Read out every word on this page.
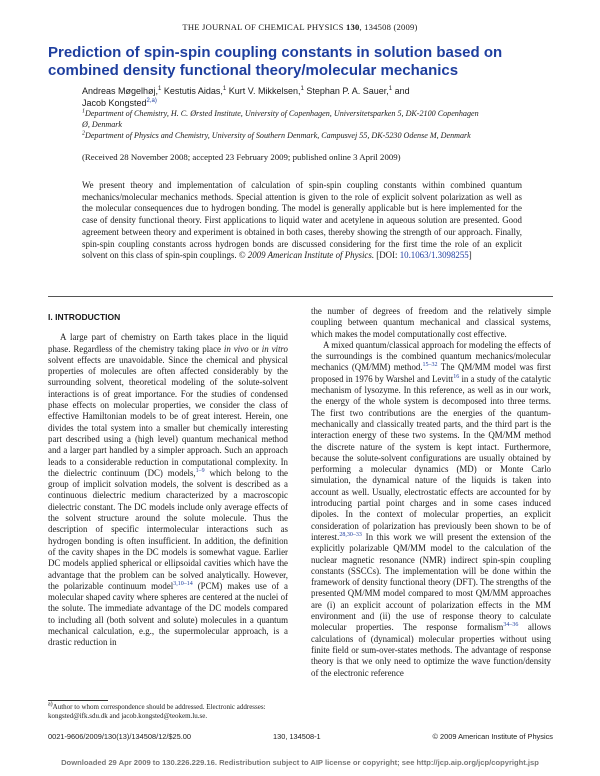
THE JOURNAL OF CHEMICAL PHYSICS 130, 134508 (2009)
Prediction of spin-spin coupling constants in solution based on combined density functional theory/molecular mechanics
Andreas Møgelhøj,$^1$ Kestutis Aidas,$^1$ Kurt V. Mikkelsen,$^1$ Stephan P. A. Sauer,$^1$ and
Jacob Kongsted$^{2,a)}$

$^1$Department of Chemistry, H. C. Ørsted Institute, University of Copenhagen, Universitetsparken 5, DK-2100 Copenhagen Ø, Denmark

$^2$Department of Physics and Chemistry, University of Southern Denmark, Campusvej 55, DK-5230 Odense M, Denmark

(Received 28 November 2008; accepted 23 February 2009; published online 3 April 2009)
We present theory and implementation of calculation of spin-spin coupling constants within combined quantum mechanics/molecular mechanics methods. Special attention is given to the role of explicit solvent polarization as well as the molecular consequences due to hydrogen bonding. The model is generally applicable but is here implemented for the case of density functional theory. First applications to liquid water and acetylene in aqueous solution are presented. Good agreement between theory and experiment is obtained in both cases, thereby showing the strength of our approach. Finally, spin-spin coupling constants across hydrogen bonds are discussed considering for the first time the role of an explicit solvent on this class of spin-spin couplings. © 2009 American Institute of Physics. [DOI: 10.1063/1.3098255]

I. INTRODUCTION

A large part of chemistry on Earth takes place in the liquid phase. Regardless of the chemistry taking place in vivo or in vitro solvent effects are unavoidable. Since the chemical and physical properties of molecules are often affected considerably by the surrounding solvent, theoretical modeling of the solute-solvent interactions is of great importance. For the studies of condensed phase effects on molecular properties, we consider the class of effective Hamiltonian models to be of great interest. Herein, one divides the total system into a smaller but chemically interesting part described using a (high level) quantum mechanical method and a larger part handled by a simpler approach. Such an approach leads to a considerable reduction in computational complexity. In the dielectric continuum (DC) models,$^{1-9}$ which belong to the group of implicit solvation models, the solvent is described as a continuous dielectric medium characterized by a macroscopic dielectric constant. The DC models include only average effects of the solvent structure around the solute molecule. Thus the description of specific intermolecular interactions such as hydrogen bonding is often insufficient. In addition, the definition of the cavity shapes in the DC models is somewhat vague. Earlier DC models applied spherical or ellipsoidal cavities which have the advantage that the problem can be solved analytically. However, the polarizable continuum model$^{3,10-14}$ (PCM) makes use of a molecular shaped cavity where spheres are centered at the nuclei of the solute. The immediate advantage of the DC models compared to including all (both solvent and solute) molecules in a quantum mechanical calculation, e.g., the supermolecular approach, is a drastic reduction in

the number of degrees of freedom and the relatively simple coupling between quantum mechanical and classical systems, which makes the model computationally cost effective.

A mixed quantum/classical approach for modeling the effects of the surroundings is the combined quantum mechanics/molecular mechanics (QM/MM) method.$^{15-32}$ The QM/MM model was first proposed in 1976 by Warshel and Levitt$^{16}$ in a study of the catalytic mechanism of lysozyme. In this reference, as well as in our work, the energy of the whole system is decomposed into three terms. The first two contributions are the energies of the quantum-mechanically and classically treated parts, and the third part is the interaction energy of these two systems. In the QM/MM method the discrete nature of the system is kept intact. Furthermore, because the solute-solvent configurations are usually obtained by performing a molecular dynamics (MD) or Monte Carlo simulation, the dynamical nature of the liquids is taken into account as well. Usually, electrostatic effects are accounted for by introducing partial point charges and in some cases induced dipoles. In the context of molecular properties, an explicit consideration of polarization has previously been shown to be of interest.$^{28,30-33}$ In this work we will present the extension of the explicitly polarizable QM/MM model to the calculation of the nuclear magnetic resonance (NMR) indirect spin-spin coupling constants (SSCCs). The implementation will be done within the framework of density functional theory (DFT). The strengths of the presented QM/MM model compared to most QM/MM approaches are (i) an explicit account of polarization effects in the MM environment and (ii) the use of response theory to calculate molecular properties. The response formalism$^{34-36}$ allows calculations of (dynamical) molecular properties without using finite field or sum-over-states methods. The advantage of response theory is that we only need to optimize the wave function/density of the electronic reference

a)Author to whom correspondence should be addressed. Electronic addresses: kongsted@ifk.sdu.dk and jacob.kongsted@teokem.lu.se.
0021-9606/2009/130(13)/134508/12/$25.00	130, 134508-1	© 2009 American Institute of Physics
Downloaded 29 Apr 2009 to 130.226.229.16. Redistribution subject to AIP license or copyright; see http://jcp.aip.org/jcp/copyright.jsp
